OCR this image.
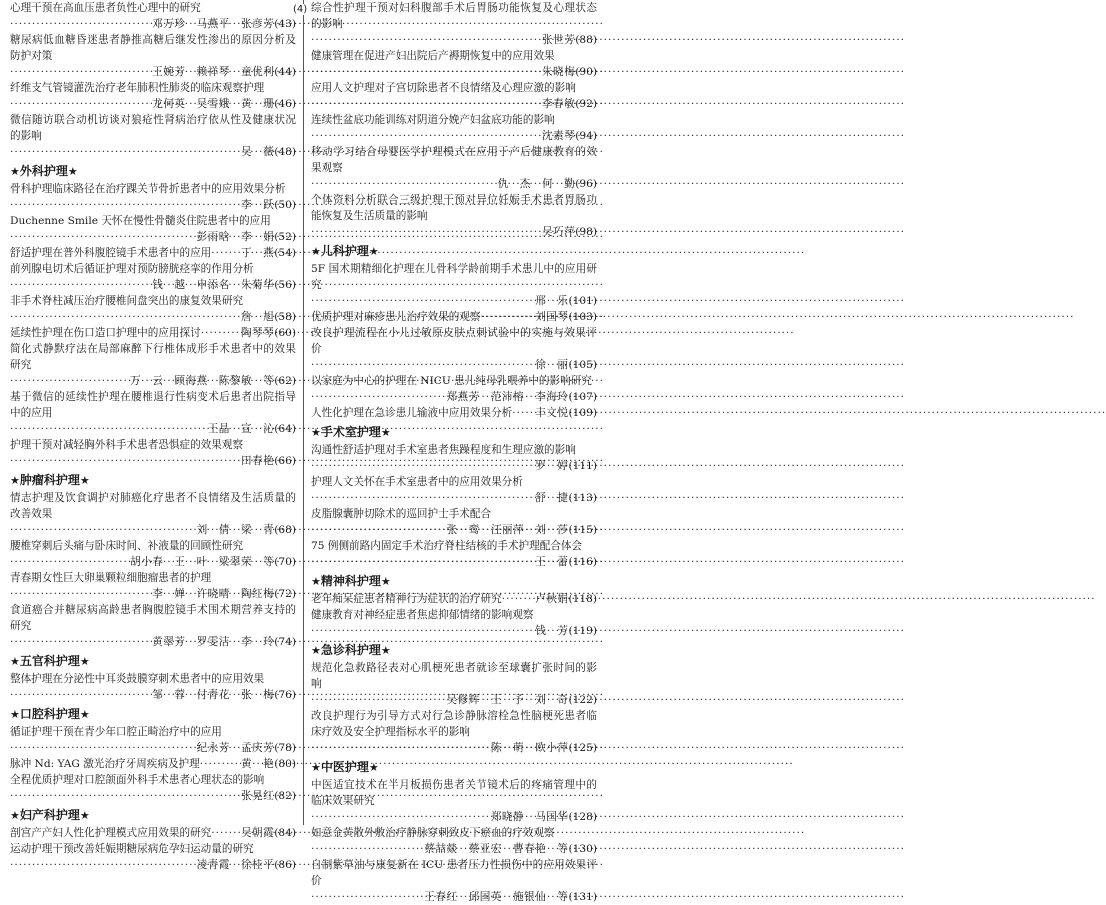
心理干预在高血压患者负性心理中的研究
·····
邓万珍　马燕平　张彦芳 (43)
糖尿病低血糖昏迷患者静推高糖后继发性渗出的原因分析及防护对策
·····
王婉芳　赖祥琴　童优利 (44)
纤维支气管镜灌洗治疗老年肺积性肺炎的临床观察护理
·····
龙何英　吴雪娥　黄　珊 (46)
微信随访联合动机访谈对狼疮性肾病治疗依从性及健康状况的影响
·····
吴　薇 (48)
★外科护理★
骨科护理临床路径在治疗踝关节骨折患者中的应用效果分析
·····
李　跃 (50)
Duchenne Smile 天怀在慢性骨髓炎住院患者中的应用
·····
彭雨晗　李　娟 (52)
舒适护理在普外科腹腔镜手术患者中的应用 ·····	丁　燕 (54)
前列腺电切术后循证护理对预防膀胱痉挛的作用分析
·····
钱　越　申添名　朱菊华 (56)
非手术脊柱减压治疗腰椎间盘突出的康复效果研究
·····
詹　旭 (58)
延续性护理在伤口造口护理中的应用探讨 ·····	陶琴琴 (60)
简化式静默疗法在局部麻醉下行椎体成形手术患者中的效果研究
·····
万　云　顾海燕　陈黎敏　等 (62)
基于微信的延续性护理在腰椎退行性病变术后患者出院指导中的应用
·····
王晶　宣　沁 (64)
护理干预对减轻胸外科手术患者恐惧症的效果观察
·····
田春艳 (66)
★肿瘤科护理★
情志护理及饮食调护对肺癌化疗患者不良情绪及生活质量的改善效果
·····
刘　倩　梁　青 (68)
腰椎穿刺后头痛与卧床时间、补液量的回顾性研究
·····
胡小春　王　叶　梁翠荣　等 (70)
青春期女性巨大卵巢颗粒细胞瘤患者的护理
·····
李　婵　许晓晴　陶红梅 (72)
食道癌合并糖尿病高龄患者胸腹腔镜手术围术期营养支持的研究
·····
黄翠芳　罗雯洁　李　玲 (74)
★五官科护理★
整体护理在分泌性中耳炎鼓膜穿刺术患者中的应用效果
·····
邹　蓉　付青花　张　梅 (76)
★口腔科护理★
循证护理干预在青少年口腔正畸治疗中的应用
·····
纪永芳　孟庆芳 (78)
脉冲 Nd: YAG 激光治疗牙周疾病及护理 ·····	黄　艳 (80)
全程优质护理对口腔颌面外科手术患者心理状态的影响
·····
张晃红 (82)
★妇产科护理★
剖宫产产妇人性化护理模式应用效果的研究 ·····	吴朝霞 (84)
运动护理干预改善妊娠期糖尿病危孕妇运动量的研究
·····
凌青霞　徐桂平 (86)
综合性护理干预对妇科腹部手术后胃肠功能恢复及心理状态的影响
·····
张世芳 (88)
健康管理在促进产妇出院后产褥期恢复中的应用效果
·····
朱晓梅 (90)
应用人文护理对子宫切除患者不良情绪及心理应激的影响
·····
李春敏 (92)
连续性盆底功能训练对阴道分娩产妇盆底功能的影响
·····
沈素琴 (94)
移动学习结合母婴医学护理模式在应用于产后健康教育的效果观察
·····
仇　杰　何　勤 (96)
个体资料分析联合三级护理干预对异位妊娠手术患者胃肠功能恢复及生活质量的影响
·····
吴巧萍 (98)
★儿科护理★
5F 国术期精细化护理在儿骨科学龄前期手术患儿中的应用研究
·····
邢　乐 (101)
优质护理对麻疹患儿治疗效果的观察 ·····	刘国琴 (103)
改良护理流程在小儿过敏原皮肤点刺试验中的实施与效果评价
·····
徐　丽 (105)
以家庭为中心的护理在 NICU 患儿纯母乳喂养中的影响研究
·····
郑燕芳　范沛榕　李海玲 (107)
人性化护理在急诊患儿输液中应用效果分析 ····· 丰文悦 (109)
★手术室护理★
沟通性舒适护理对手术室患者焦躁程度和生理应激的影响
·····
罗　婷 (111)
护理人文关怀在手术室患者中的应用效果分析
·····
舒　捷 (113)
皮脂腺囊肿切除术的巡回护士手术配合
·····
张　鸾　汪丽萍　刘　莎 (115)
75 例侧前路内固定手术治疗脊柱结核的手术护理配合体会
·····
王　蕾 (116)
★精神科护理★
老年痴呆症患者精神行为症状的治疗研究 ·····	卢秋娟 (118)
健康教育对神经症患者焦虑抑郁情绪的影响观察
·····
钱　芳 (119)
★急诊科护理★
规范化急救路径表对心肌梗死患者就诊至球囊扩张时间的影响
·····
吴修辉　王　予　刘　奇 (122)
改良护理行为引导方式对行急诊静脉溶栓急性脑梗死患者临床疗效及安全护理指标水平的影响
·····
陈　萌　欧小萍 (125)
★中医护理★
中医适宜技术在半月板损伤患者关节镜术后的疼痛管理中的临床效果研究
·····
郑晓静　马国华 (128)
如意金黄散外敷治疗静脉穿刺致皮下瘀血的疗效观察
·····
蔡喆燚　蔡亚宏　曹春艳　等 (130)
自制紫草油与康复新在 ICU 患者压力性损伤中的应用效果评价
·····
王春红　邱国英　施银仙　等 (131)
(4)
